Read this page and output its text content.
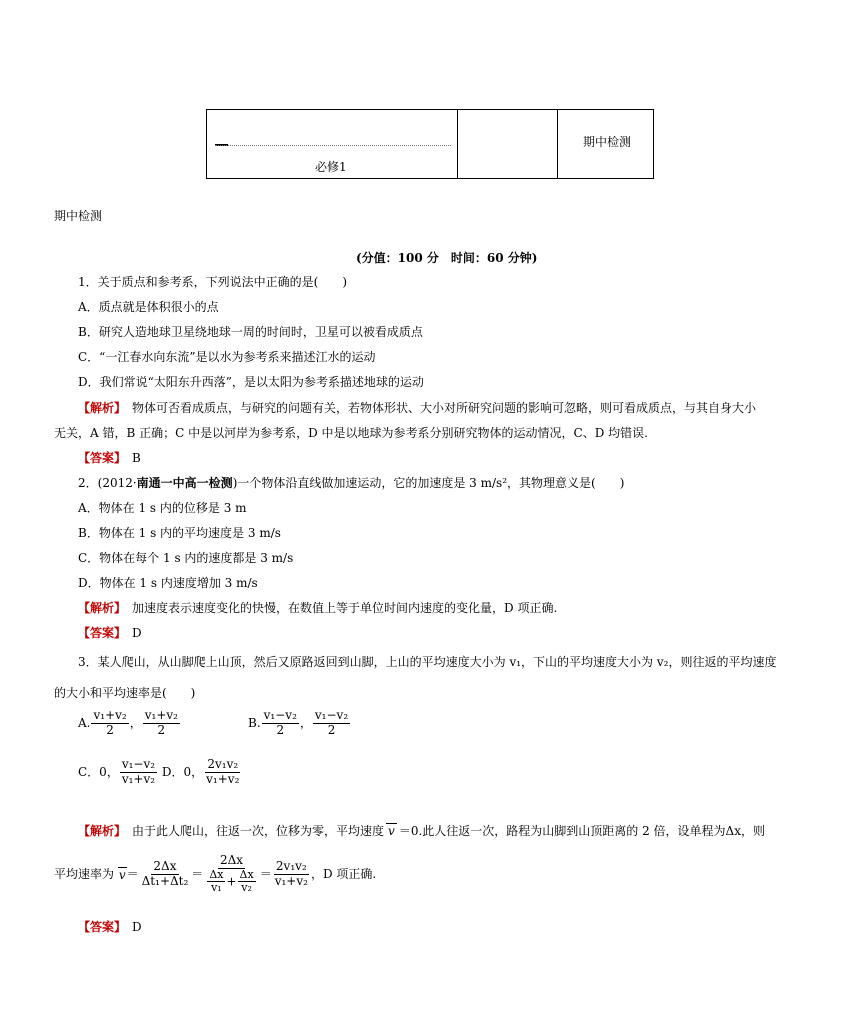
必修1
期中检测
期中检测
(分值：100 分　时间：60 分钟)
1．关于质点和参考系，下列说法中正确的是(　　)
A．质点就是体积很小的点
B．研究人造地球卫星绕地球一周的时间时，卫星可以被看成质点
C．“一江春水向东流”是以水为参考系来描述江水的运动
D．我们常说“太阳东升西落”，是以太阳为参考系描述地球的运动
【解析】　物体可否看成质点，与研究的问题有关，若物体形状、大小对所研究问题的影响可忽略，则可看成质点，与其自身大小
无关，A 错，B 正确；C 中是以河岸为参考系，D 中是以地球为参考系分别研究物体的运动情况，C、D 均错误.
【答案】　B
2．(2012·南通一中高一检测)一个物体沿直线做加速运动，它的加速度是 3 m/s²，其物理意义是(　　)
A．物体在 1 s 内的位移是 3 m
B．物体在 1 s 内的平均速度是 3 m/s
C．物体在每个 1 s 内的速度都是 3 m/s
D．物体在 1 s 内速度增加 3 m/s
【解析】　加速度表示速度变化的快慢，在数值上等于单位时间内速度的变化量，D 项正确.
【答案】　D
3．某人爬山，从山脚爬上山顶，然后又原路返回到山脚，上山的平均速度大小为 v₁，下山的平均速度大小为 v₂，则往返的平均速度
的大小和平均速率是(　　)
A. $\frac{\text{v₁+v₂}}{2}$ ， $\frac{\text{v₁+v₂}}{2}$	B. $\frac{\text{v₁−v₂}}{2}$ ， $\frac{\text{v₁−v₂}}{2}$
C．0， $\frac{\text{v₁−v₂}}{\text{v₁+v₂}}$ D．0， $\frac{\text{2v₁v₂}}{\text{v₁+v₂}}$
【解析】　由于此人爬山，往返一次，位移为零，平均速度 v ＝0.此人往返一次，路程为山脚到山顶距离的 2 倍，设单程为Δx，则
平均速率为 $v= \frac{2\Delta x}{\text{Δt₁+Δt₂}} = \frac{2\Delta x}{\frac{\Delta x}{\text{v₁}} + \frac{\Delta x}{\text{v₂}}} = \frac{\text{2v₁v₂}}{\text{v₁+v₂}}$ ，D 项正确.
【答案】　D
